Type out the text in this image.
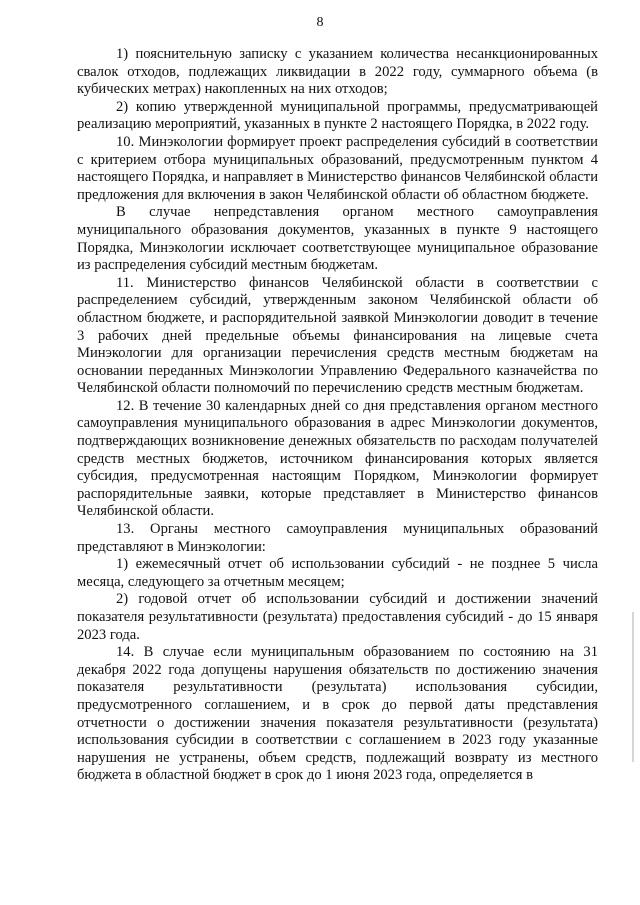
8

1) пояснительную записку с указанием количества несанкционированных свалок отходов, подлежащих ликвидации в 2022 году, суммарного объема (в кубических метрах) накопленных на них отходов;

2) копию утвержденной муниципальной программы, предусматривающей реализацию мероприятий, указанных в пункте 2 настоящего Порядка, в 2022 году.

10. Минэкологии формирует проект распределения субсидий в соответствии с критерием отбора муниципальных образований, предусмотренным пунктом 4 настоящего Порядка, и направляет в Министерство финансов Челябинской области предложения для включения в закон Челябинской области об областном бюджете.

В случае непредставления органом местного самоуправления муниципального образования документов, указанных в пункте 9 настоящего Порядка, Минэкологии исключает соответствующее муниципальное образование из распределения субсидий местным бюджетам.

11. Министерство финансов Челябинской области в соответствии с распределением субсидий, утвержденным законом Челябинской области об областном бюджете, и распорядительной заявкой Минэкологии доводит в течение 3 рабочих дней предельные объемы финансирования на лицевые счета Минэкологии для организации перечисления средств местным бюджетам на основании переданных Минэкологии Управлению Федерального казначейства по Челябинской области полномочий по перечислению средств местным бюджетам.

12. В течение 30 календарных дней со дня представления органом местного самоуправления муниципального образования в адрес Минэкологии документов, подтверждающих возникновение денежных обязательств по расходам получателей средств местных бюджетов, источником финансирования которых является субсидия, предусмотренная настоящим Порядком, Минэкологии формирует распорядительные заявки, которые представляет в Министерство финансов Челябинской области.

13. Органы местного самоуправления муниципальных образований представляют в Минэкологии:

1) ежемесячный отчет об использовании субсидий - не позднее 5 числа месяца, следующего за отчетным месяцем;

2) годовой отчет об использовании субсидий и достижении значений показателя результативности (результата) предоставления субсидий - до 15 января 2023 года.

14. В случае если муниципальным образованием по состоянию на 31 декабря 2022 года допущены нарушения обязательств по достижению значения показателя результативности (результата) использования субсидии, предусмотренного соглашением, и в срок до первой даты представления отчетности о достижении значения показателя результативности (результата) использования субсидии в соответствии с соглашением в 2023 году указанные нарушения не устранены, объем средств, подлежащий возврату из местного бюджета в областной бюджет в срок до 1 июня 2023 года, определяется в
